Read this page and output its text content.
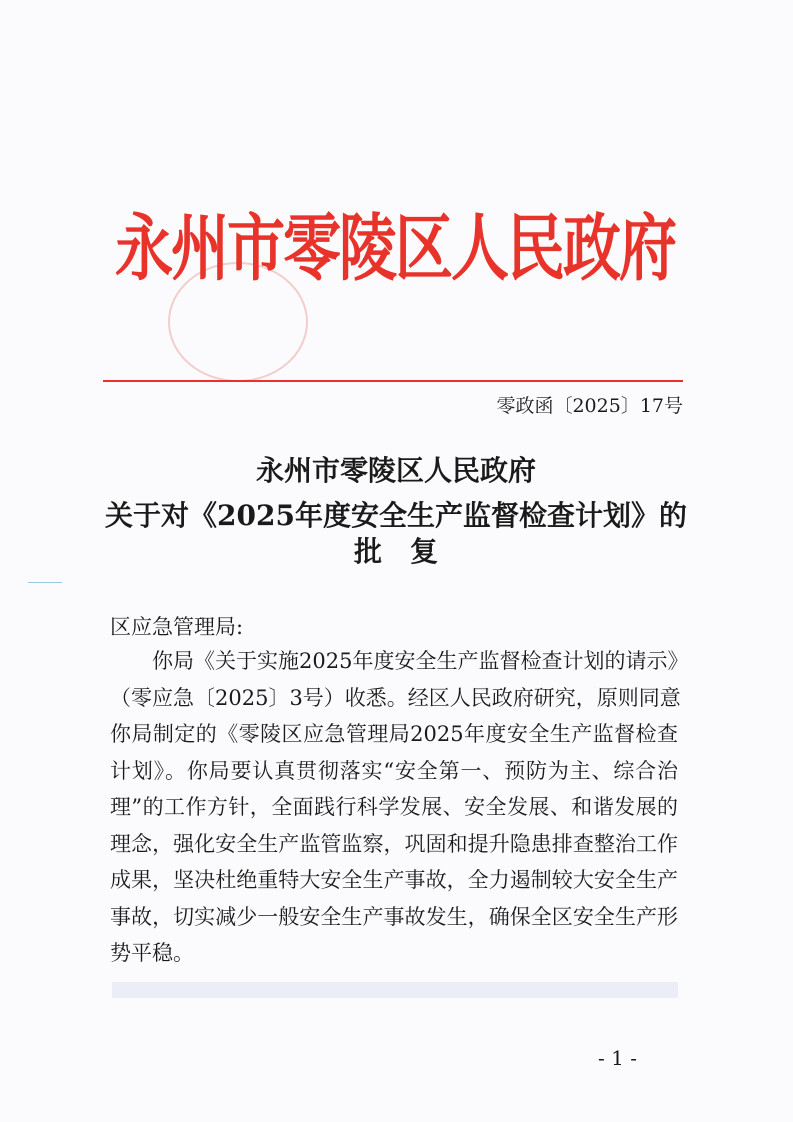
永州市零陵区人民政府
零政函〔2025〕17号
永州市零陵区人民政府
关于对《2025年度安全生产监督检查计划》的
批　复
区应急管理局:
　　你局《关于实施2025年度安全生产监督检查计划的请示》
（零应急〔2025〕3号）收悉。经区人民政府研究，原则同意
你局制定的《零陵区应急管理局2025年度安全生产监督检查
计划》。你局要认真贯彻落实“安全第一、预防为主、综合治
理”的工作方针，全面践行科学发展、安全发展、和谐发展的
理念，强化安全生产监管监察，巩固和提升隐患排查整治工作
成果，坚决杜绝重特大安全生产事故，全力遏制较大安全生产
事故，切实减少一般安全生产事故发生，确保全区安全生产形
势平稳。
- 1 -
